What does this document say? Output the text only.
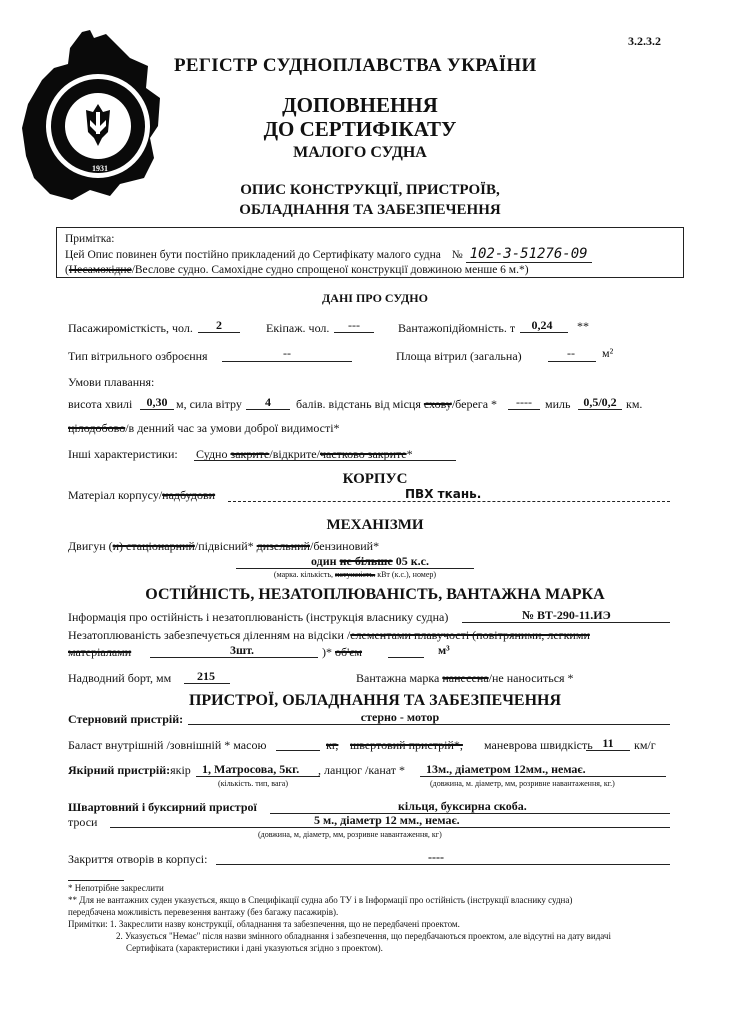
1931
3.2.3.2
РЕГІСТР СУДНОПЛАВСТВА УКРАЇНИ
ДОПОВНЕННЯ
ДО СЕРТИФІКАТУ
МАЛОГО СУДНА
ОПИС КОНСТРУКЦІЇ, ПРИСТРОЇВ,
ОБЛАДНАННЯ ТА ЗАБЕЗПЕЧЕННЯ
Примітка:
Цей Опис повинен бути постійно прикладений до Сертифікату малого судна № 102-3-51276-09
(Несамохідне/Веслове судно. Самохідне судно спрощеної конструкції довжиною менше 6 м.*)
ДАНІ ПРО СУДНО
Пасажиромісткість, чол.	2	Екіпаж. чол.	---	Вантажопідйомність. т	0,24	**
Тип вітрильного озброєння	--	Площа вітрил (загальна)	--	м²
Умови плавання:
висота хвилі	0,30 м, сила вітру	4	балів. відстань від місця схову/берега *	----	миль	0,5/0,2 км.
цілодобово/в денний час за умови доброї видимості*
Інші характеристики: Судно закрите/відкрите/частково закрите*
КОРПУС
Матеріал корпусу/надбудови	ПВХ ткань.
МЕХАНІЗМИ
Двигун (и) стаціонарний/підвісний* дизельний/бензиновий*
один не більше 05 к.с.
(марка. кількість, потужність. кВт (к.с.), номер)
ОСТІЙНІСТЬ, НЕЗАТОПЛЮВАНІСТЬ, ВАНТАЖНА МАРКА
Інформація про остійність і незатоплюваність (інструкція власнику судна)	№ ВТ-290-11.ИЭ
Незатоплюваність забезпечується діленням на відсіки /елементами плавучості (повітряними, легкими
матеріалами	3шт.	)* об'єм	м³
Надводний борт, мм	215	Вантажна марка нанесена/не наноситься *
ПРИСТРОЇ, ОБЛАДНАННЯ ТА ЗАБЕЗПЕЧЕННЯ
Стерновий пристрій:	стерно - мотор
Баласт внутрішній /зовнішній * масою	кг, швертовий пристрій*, маневрова швидкість 11	км/г
Якірний пристрій:якір 1, Матросова, 5кг. , ланцюг /канат * 13м., діаметром 12мм., немає.
(кількість. тип, вага)	(довжина, м. діаметр, мм, розривне навантаження, кг.)
Швартовний і буксирний пристрої	кільця, буксирна скоба.
троси	5 м., діаметр 12 мм., немає.
(довжина, м, діаметр, мм, розривне навантаження, кг)
Закриття отворів в корпусі:	----
* Непотрібне закреслити
** Для не вантажних суден указується, якщо в Специфікації судна або ТУ і в Інформації про остійність (інструкції власнику судна)
передбачена можливість перевезення вантажу (без багажу пасажирів).
Примітки: 1. Закреслити назву конструкції, обладнання та забезпечення, що не передбачені проектом.
2. Указується "Немає" після назви змінного обладнання і забезпечення, що передбачаються проектом, але відсутні на дату видачі
Сертифіката (характеристики і дані указуються згідно з проектом).
